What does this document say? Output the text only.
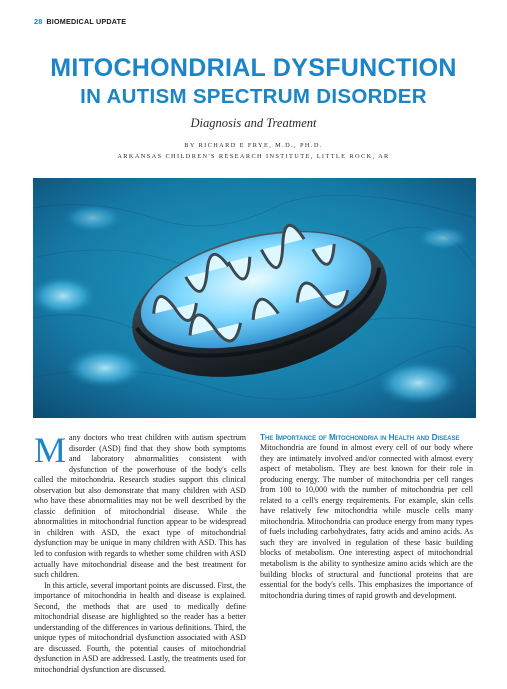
28 BIOMEDICAL UPDATE
MITOCHONDRIAL DYSFUNCTION
IN AUTISM SPECTRUM DISORDER
Diagnosis and Treatment
BY RICHARD E FRYE, M.D., PH.D.
ARKANSAS CHILDREN'S RESEARCH INSTITUTE, LITTLE ROCK, AR
M any doctors who treat children with autism spectrum disorder (ASD) find that they show both symptoms and laboratory abnormalities consistent with dysfunction of the powerhouse of the body's cells called the mitochondria. Research studies support this clinical observation but also demonstrate that many children with ASD who have these abnormalities may not be well described by the classic definition of mitochondrial disease. While the abnormalities in mitochondrial function appear to be widespread in children with ASD, the exact type of mitochondrial dysfunction may be unique in many children with ASD. This has led to confusion with regards to whether some children with ASD actually have mitochondrial disease and the best treatment for such children.

In this article, several important points are discussed. First, the importance of mitochondria in health and disease is explained. Second, the methods that are used to medically define mitochondrial disease are highlighted so the reader has a better understanding of the differences in various definitions. Third, the unique types of mitochondrial dysfunction associated with ASD are discussed. Fourth, the potential causes of mitochondrial dysfunction in ASD are addressed. Lastly, the treatments used for mitochondrial dysfunction are discussed.

The Importance of Mitochondria in Health and Disease

Mitochondria are found in almost every cell of our body where they are intimately involved and/or connected with almost every aspect of metabolism. They are best known for their role in producing energy. The number of mitochondria per cell ranges from 100 to 10,000 with the number of mitochondria per cell related to a cell's energy requirements. For example, skin cells have relatively few mitochondria while muscle cells many mitochondria. Mitochondria can produce energy from many types of fuels including carbohydrates, fatty acids and amino acids. As such they are involved in regulation of these basic building blocks of metabolism. One interesting aspect of mitochondrial metabolism is the ability to synthesize amino acids which are the building blocks of structural and functional proteins that are essential for the body's cells. This emphasizes the importance of mitochondria during times of rapid growth and development.
